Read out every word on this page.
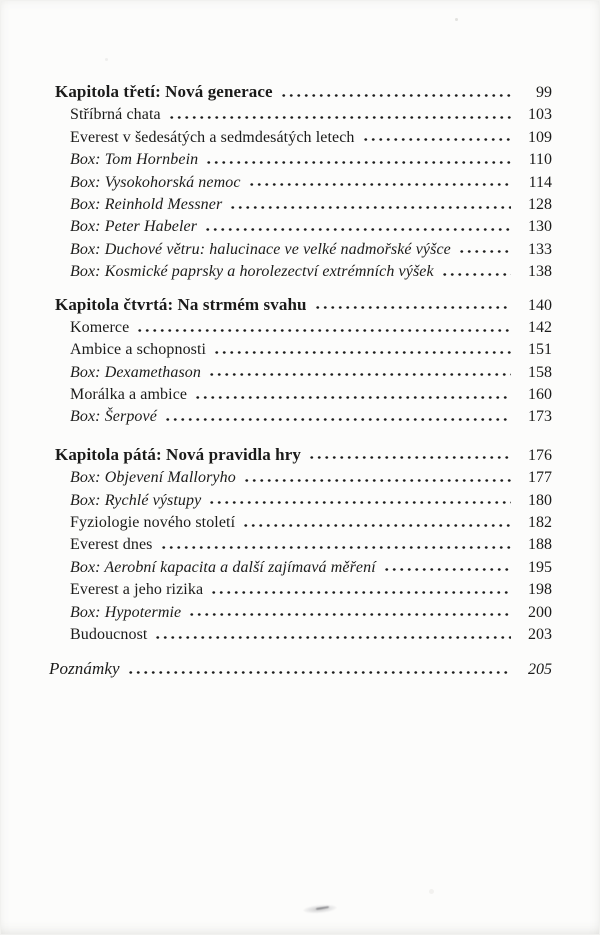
Kapitola třetí: Nová generace	99
Stříbrná chata	103
Everest v šedesátých a sedmdesátých letech	109
Box: Tom Hornbein	110
Box: Vysokohorská nemoc	114
Box: Reinhold Messner	128
Box: Peter Habeler	130
Box: Duchové větru: halucinace ve velké nadmořské výšce	133
Box: Kosmické paprsky a horolezectví extrémních výšek	138
Kapitola čtvrtá: Na strmém svahu	140
Komerce	142
Ambice a schopnosti	151
Box: Dexamethason	158
Morálka a ambice	160
Box: Šerpové	173
Kapitola pátá: Nová pravidla hry	176
Box: Objevení Malloryho	177
Box: Rychlé výstupy	180
Fyziologie nového století	182
Everest dnes	188
Box: Aerobní kapacita a další zajímavá měření	195
Everest a jeho rizika	198
Box: Hypotermie	200
Budoucnost	203
Poznámky	205
